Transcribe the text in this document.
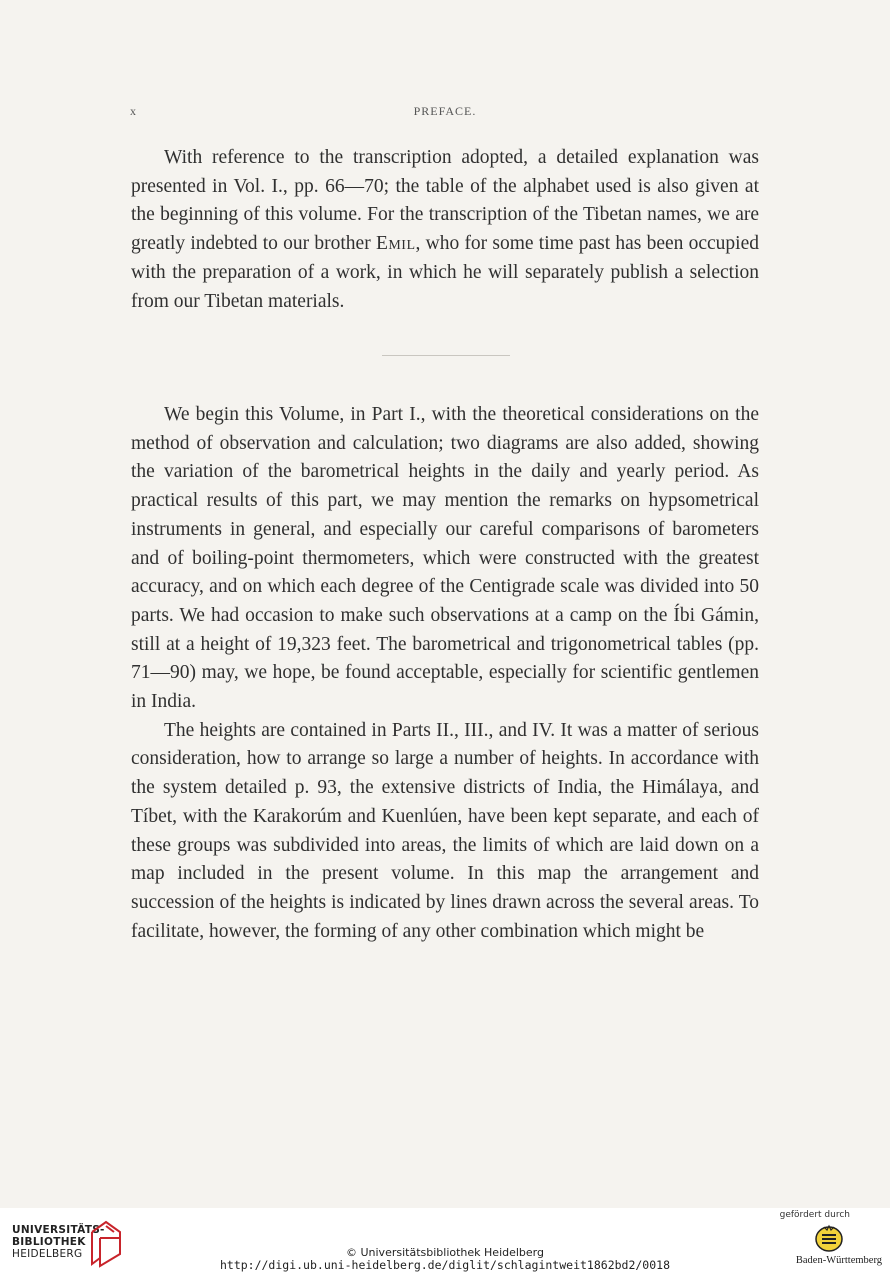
x	PREFACE.

With reference to the transcription adopted, a detailed explanation was presented in Vol. I., pp. 66—70; the table of the alphabet used is also given at the beginning of this volume. For the transcription of the Tibetan names, we are greatly indebted to our brother Emil, who for some time past has been occupied with the preparation of a work, in which he will separately publish a selection from our Tibetan materials.

We begin this Volume, in Part I., with the theoretical considerations on the method of observation and calculation; two diagrams are also added, showing the variation of the barometrical heights in the daily and yearly period. As practical results of this part, we may mention the remarks on hypsometrical instruments in general, and especially our careful comparisons of barometers and of boiling-point thermometers, which were constructed with the greatest accuracy, and on which each degree of the Centigrade scale was divided into 50 parts. We had occasion to make such observations at a camp on the Íbi Gámin, still at a height of 19,323 feet. The barometrical and trigonometrical tables (pp. 71—90) may, we hope, be found acceptable, especially for scientific gentlemen in India.

The heights are contained in Parts II., III., and IV. It was a matter of serious consideration, how to arrange so large a number of heights. In accordance with the system detailed p. 93, the extensive districts of India, the Himálaya, and Tíbet, with the Karakorúm and Kuenlúen, have been kept separate, and each of these groups was subdivided into areas, the limits of which are laid down on a map included in the present volume. In this map the arrangement and succession of the heights is indicated by lines drawn across the several areas. To facilitate, however, the forming of any other combination which might be

UNIVERSITÄTS-
BIBLIOTHEK
HEIDELBERG	© Universitätsbibliothek Heidelberg
http://digi.ub.uni-heidelberg.de/diglit/schlagintweit1862bd2/0018
gefördert durch
Baden-Württemberg
